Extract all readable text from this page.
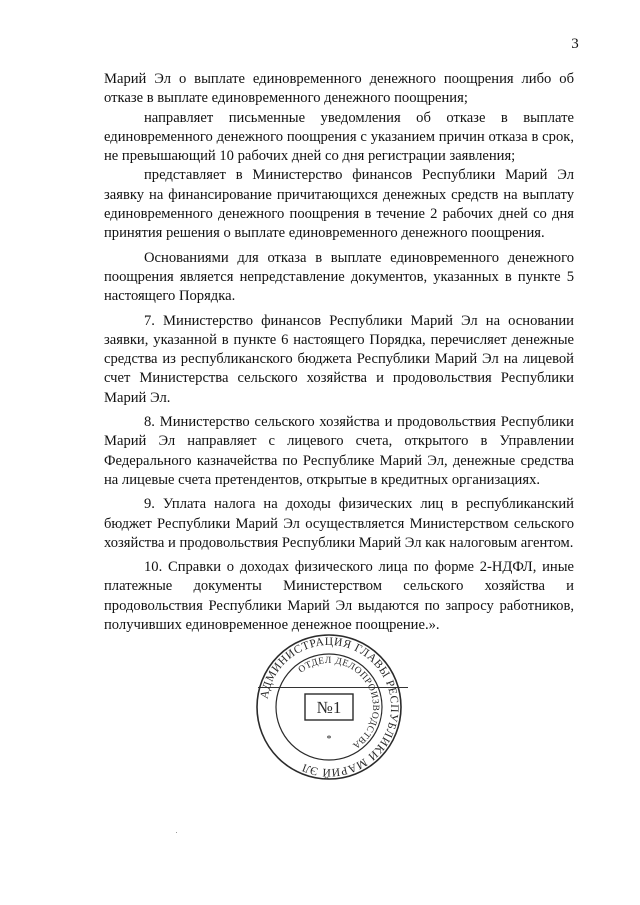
3

Марий Эл о выплате единовременного денежного поощрения либо об отказе в выплате единовременного денежного поощрения;

направляет письменные уведомления об отказе в выплате единовременного денежного поощрения с указанием причин отказа в срок, не превышающий 10 рабочих дней со дня регистрации заявления;

представляет в Министерство финансов Республики Марий Эл заявку на финансирование причитающихся денежных средств на выплату единовременного денежного поощрения в течение 2 рабочих дней со дня принятия решения о выплате единовременного денежного поощрения.

Основаниями для отказа в выплате единовременного денежного поощрения является непредставление документов, указанных в пункте 5 настоящего Порядка.

7. Министерство финансов Республики Марий Эл на основании заявки, указанной в пункте 6 настоящего Порядка, перечисляет денежные средства из республиканского бюджета Республики Марий Эл на лицевой счет Министерства сельского хозяйства и продовольствия Республики Марий Эл.

8. Министерство сельского хозяйства и продовольствия Республики Марий Эл направляет с лицевого счета, открытого в Управлении Федерального казначейства по Республике Марий Эл, денежные средства на лицевые счета претендентов, открытые в кредитных организациях.

9. Уплата налога на доходы физических лиц в республиканский бюджет Республики Марий Эл осуществляется Министерством сельского хозяйства и продовольствия Республики Марий Эл как налоговым агентом.

10. Справки о доходах физического лица по форме 2-НДФЛ, иные платежные документы Министерством сельского хозяйства и продовольствия Республики Марий Эл выдаются по запросу работников, получивших единовременное денежное поощрение.».

АДМИНИСТРАЦИЯ ГЛАВЫ РЕСПУБЛИКИ МАРИЙ ЭЛ
ОТДЕЛ ДЕЛОПРОИЗВОДСТВА
№1
*
